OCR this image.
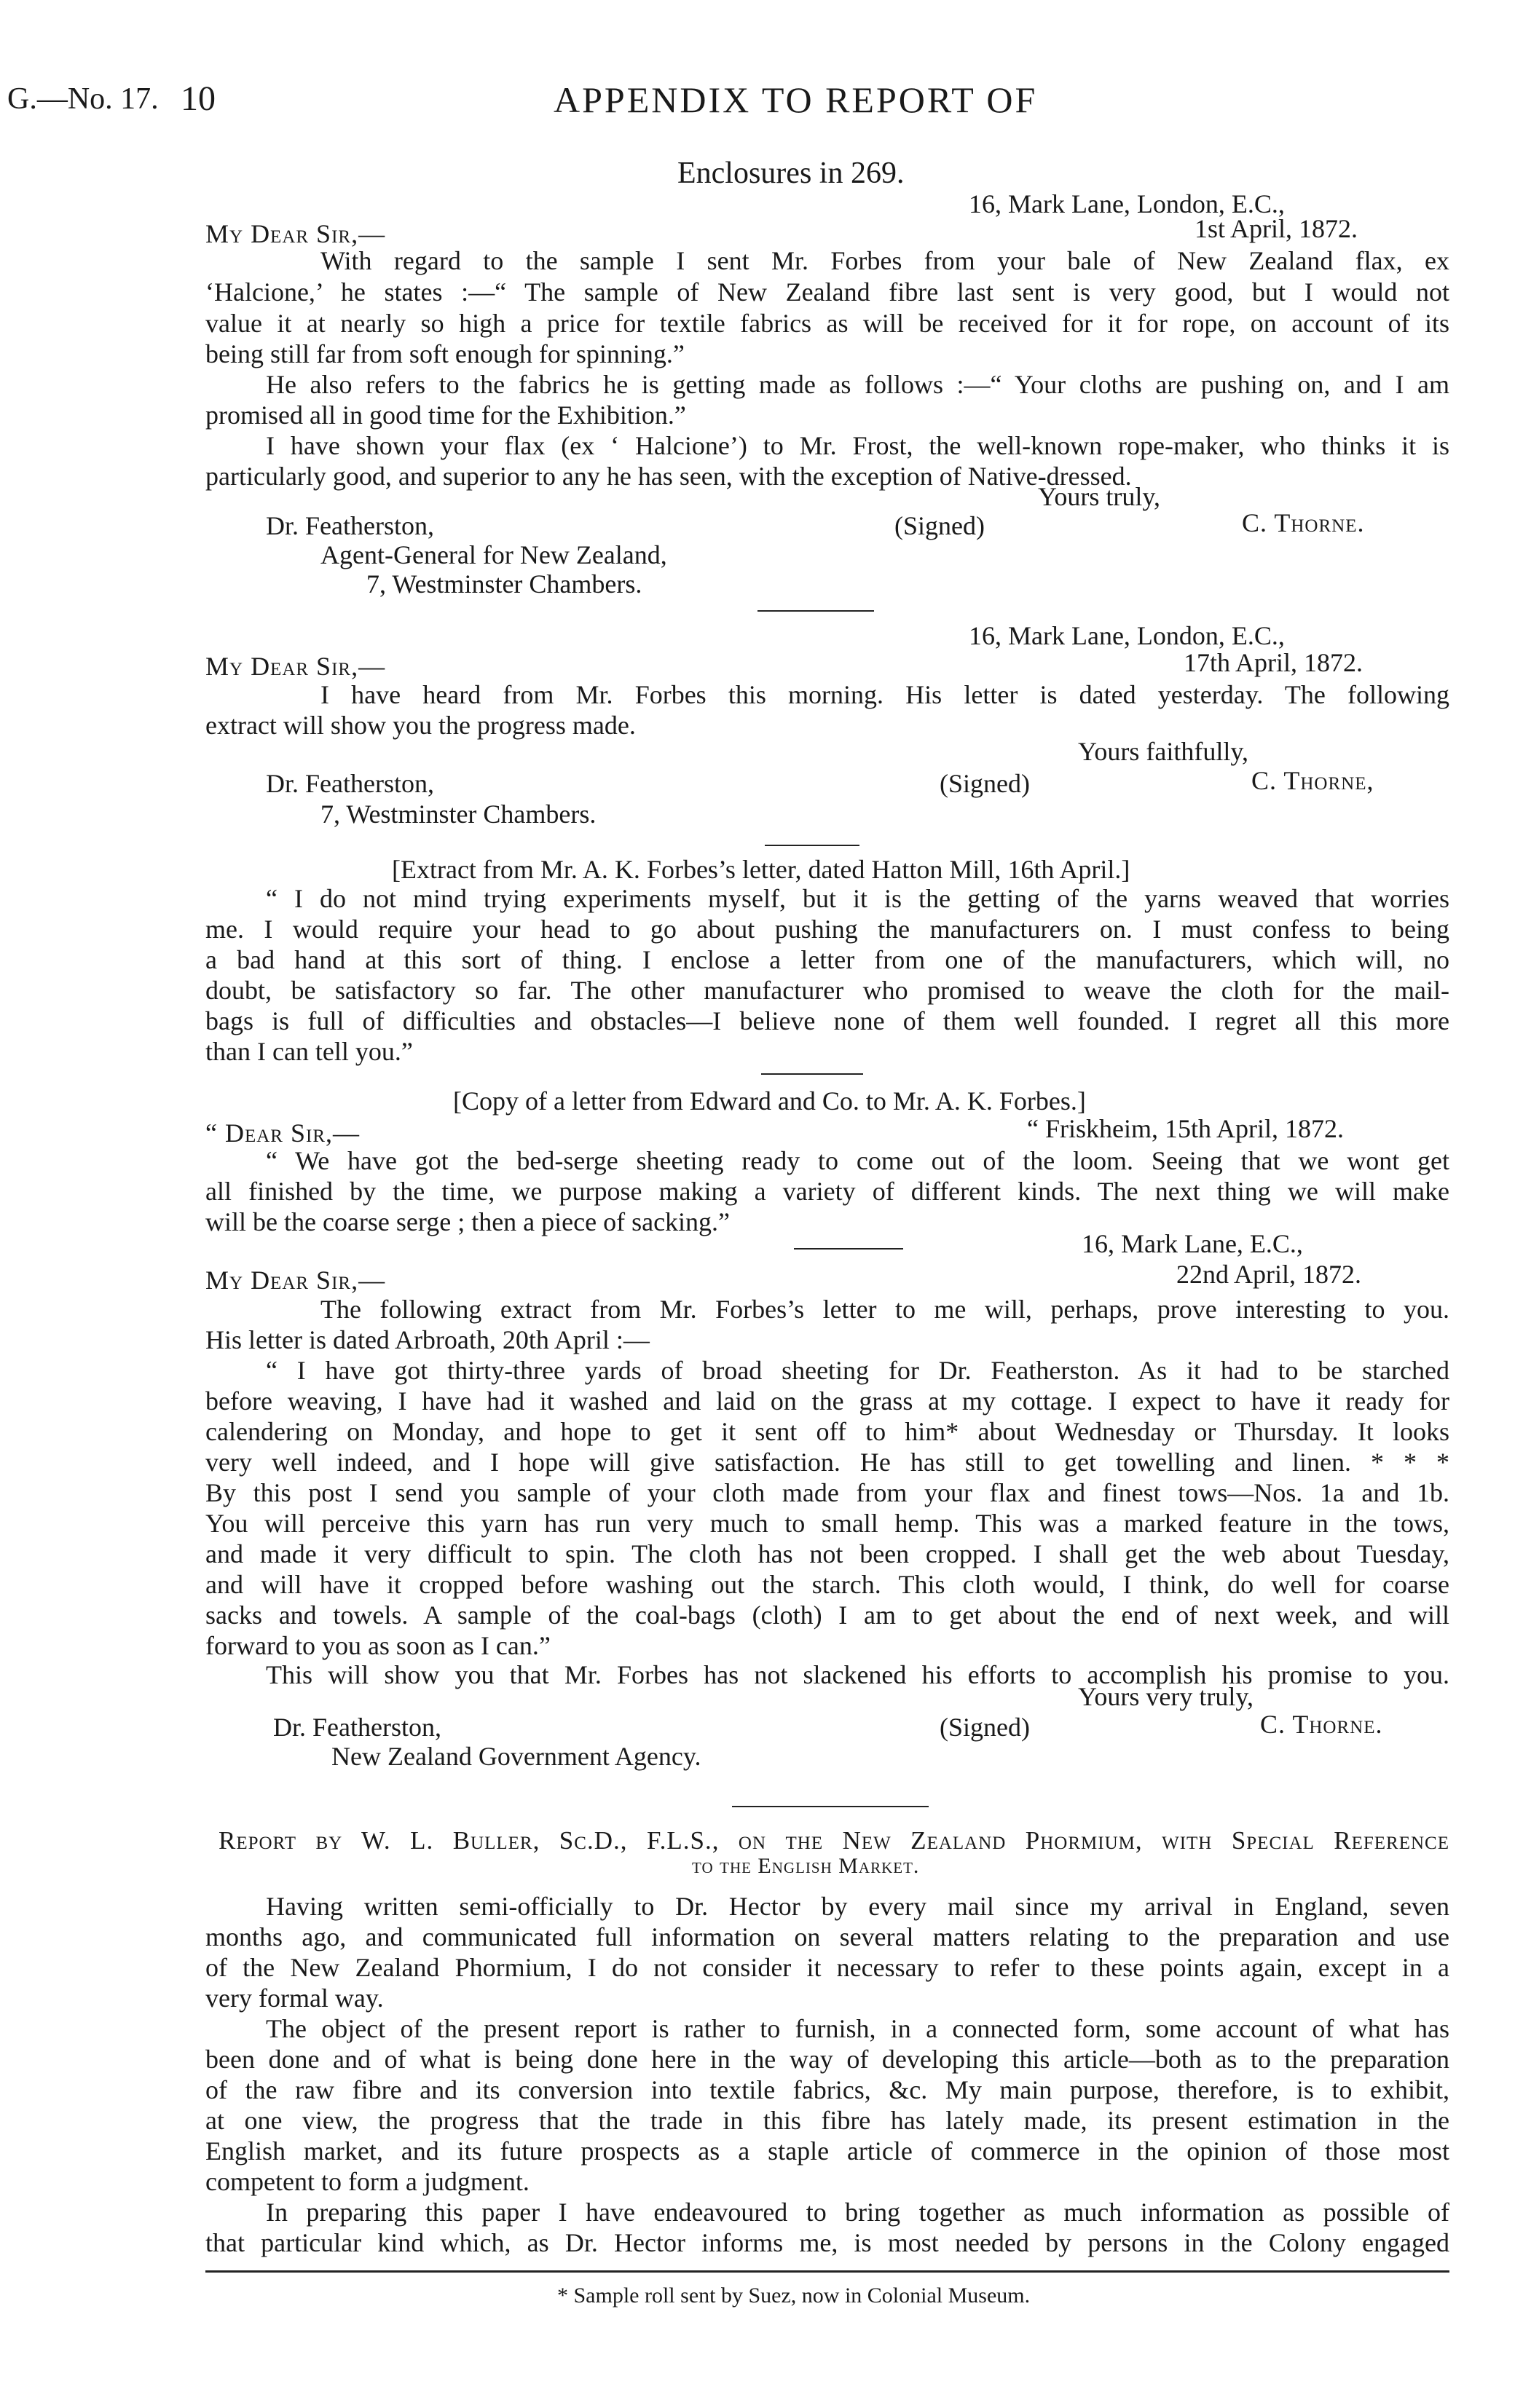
G.—No. 17. 10	APPENDIX TO REPORT OF
Enclosures in 269.
16, Mark Lane, London, E.C.,
My Dear Sir,—	1st April, 1872.
With regard to the sample I sent Mr. Forbes from your bale of New Zealand flax, ex
‘Halcione,’ he states :—“ The sample of New Zealand fibre last sent is very good, but I would not
value it at nearly so high a price for textile fabrics as will be received for it for rope, on account of its
being still far from soft enough for spinning.”
He also refers to the fabrics he is getting made as follows :—“ Your cloths are pushing on, and I am
promised all in good time for the Exhibition.”
I have shown your flax (ex ‘ Halcione’) to Mr. Frost, the well-known rope-maker, who thinks it is
particularly good, and superior to any he has seen, with the exception of Native-dressed.
Yours truly,
Dr. Featherston,	(Signed)	C. Thorne.
Agent-General for New Zealand,
7, Westminster Chambers.
16, Mark Lane, London, E.C.,
My Dear Sir,—	17th April, 1872.
I have heard from Mr. Forbes this morning. His letter is dated yesterday. The following
extract will show you the progress made.
Yours faithfully,
Dr. Featherston,	(Signed)	C. Thorne,
7, Westminster Chambers.
[Extract from Mr. A. K. Forbes’s letter, dated Hatton Mill, 16th April.]
“ I do not mind trying experiments myself, but it is the getting of the yarns weaved that worries
me. I would require your head to go about pushing the manufacturers on. I must confess to being
a bad hand at this sort of thing. I enclose a letter from one of the manufacturers, which will, no
doubt, be satisfactory so far. The other manufacturer who promised to weave the cloth for the mail-
bags is full of difficulties and obstacles—I believe none of them well founded. I regret all this more
than I can tell you.”
[Copy of a letter from Edward and Co. to Mr. A. K. Forbes.]
“ Dear Sir,—	“ Friskheim, 15th April, 1872.
“ We have got the bed-serge sheeting ready to come out of the loom. Seeing that we wont get
all finished by the time, we purpose making a variety of different kinds. The next thing we will make
will be the coarse serge ; then a piece of sacking.”
16, Mark Lane, E.C.,
My Dear Sir,—	22nd April, 1872.
The following extract from Mr. Forbes’s letter to me will, perhaps, prove interesting to you.
His letter is dated Arbroath, 20th April :—
“ I have got thirty-three yards of broad sheeting for Dr. Featherston. As it had to be starched
before weaving, I have had it washed and laid on the grass at my cottage. I expect to have it ready for
calendering on Monday, and hope to get it sent off to him* about Wednesday or Thursday. It looks
very well indeed, and I hope will give satisfaction. He has still to get towelling and linen. * * *
By this post I send you sample of your cloth made from your flax and finest tows—Nos. 1a and 1b.
You will perceive this yarn has run very much to small hemp. This was a marked feature in the tows,
and made it very difficult to spin. The cloth has not been cropped. I shall get the web about Tuesday,
and will have it cropped before washing out the starch. This cloth would, I think, do well for coarse
sacks and towels. A sample of the coal-bags (cloth) I am to get about the end of next week, and will
forward to you as soon as I can.”
This will show you that Mr. Forbes has not slackened his efforts to accomplish his promise to you.
Yours very truly,
Dr. Featherston,	(Signed)	C. Thorne.
New Zealand Government Agency.
Report by W. L. Buller, Sc.D., F.L.S., on the New Zealand Phormium, with Special Reference
to the English Market.
Having written semi-officially to Dr. Hector by every mail since my arrival in England, seven
months ago, and communicated full information on several matters relating to the preparation and use
of the New Zealand Phormium, I do not consider it necessary to refer to these points again, except in a
very formal way.
The object of the present report is rather to furnish, in a connected form, some account of what has
been done and of what is being done here in the way of developing this article—both as to the preparation
of the raw fibre and its conversion into textile fabrics, &c. My main purpose, therefore, is to exhibit,
at one view, the progress that the trade in this fibre has lately made, its present estimation in the
English market, and its future prospects as a staple article of commerce in the opinion of those most
competent to form a judgment.
In preparing this paper I have endeavoured to bring together as much information as possible of
that particular kind which, as Dr. Hector informs me, is most needed by persons in the Colony engaged
* Sample roll sent by Suez, now in Colonial Museum.
